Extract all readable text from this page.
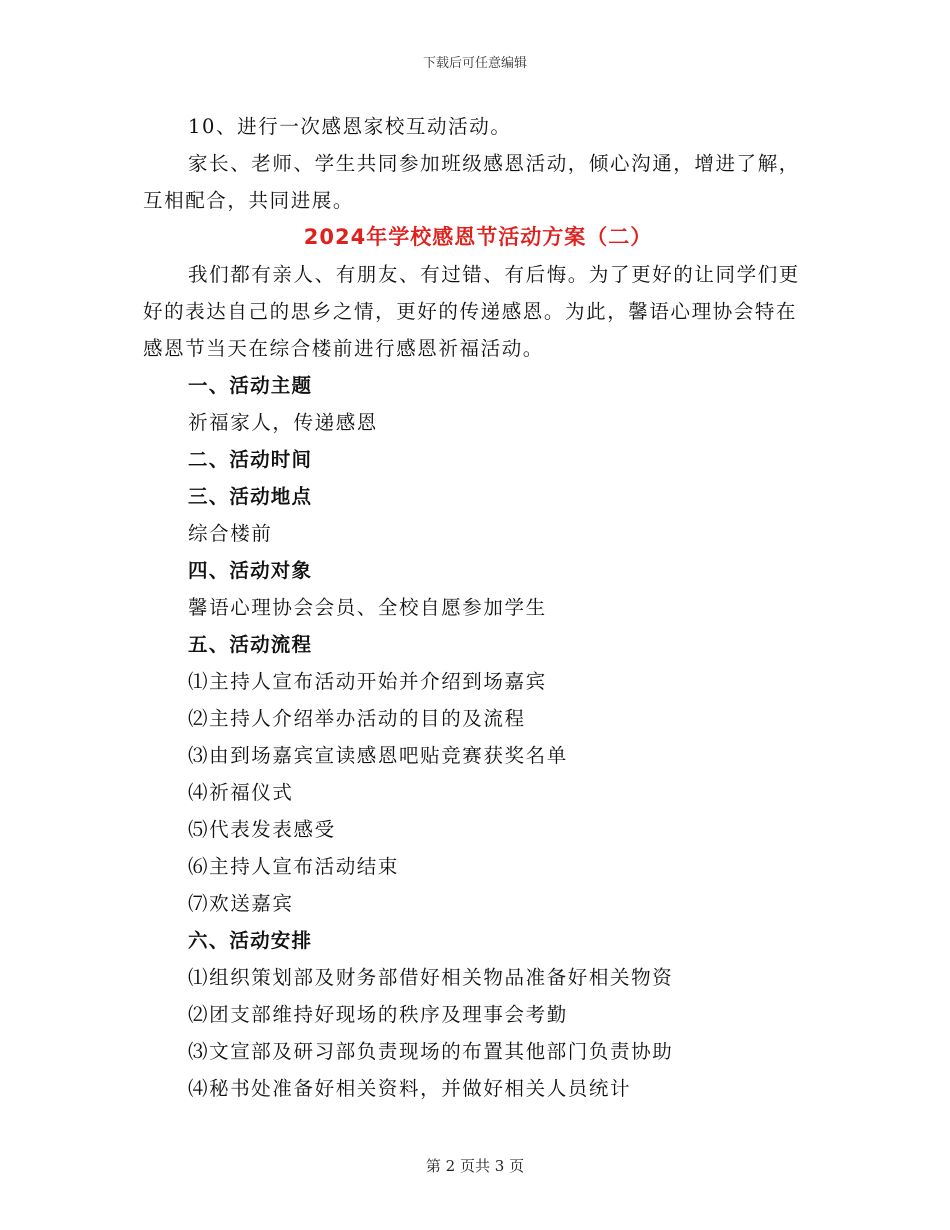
下载后可任意编辑

10、进行一次感恩家校互动活动。

家长、老师、学生共同参加班级感恩活动，倾心沟通，增进了解，互相配合，共同进展。

2024年学校感恩节活动方案（二）

我们都有亲人、有朋友、有过错、有后悔。为了更好的让同学们更好的表达自己的思乡之情，更好的传递感恩。为此，馨语心理协会特在感恩节当天在综合楼前进行感恩祈福活动。

一、活动主题

祈福家人，传递感恩

二、活动时间

三、活动地点

综合楼前

四、活动对象

馨语心理协会会员、全校自愿参加学生

五、活动流程

⑴主持人宣布活动开始并介绍到场嘉宾

⑵主持人介绍举办活动的目的及流程

⑶由到场嘉宾宣读感恩吧贴竞赛获奖名单

⑷祈福仪式

⑸代表发表感受

⑹主持人宣布活动结束

⑺欢送嘉宾

六、活动安排

⑴组织策划部及财务部借好相关物品准备好相关物资

⑵团支部维持好现场的秩序及理事会考勤

⑶文宣部及研习部负责现场的布置其他部门负责协助

⑷秘书处准备好相关资料，并做好相关人员统计

第 2 页共 3 页
